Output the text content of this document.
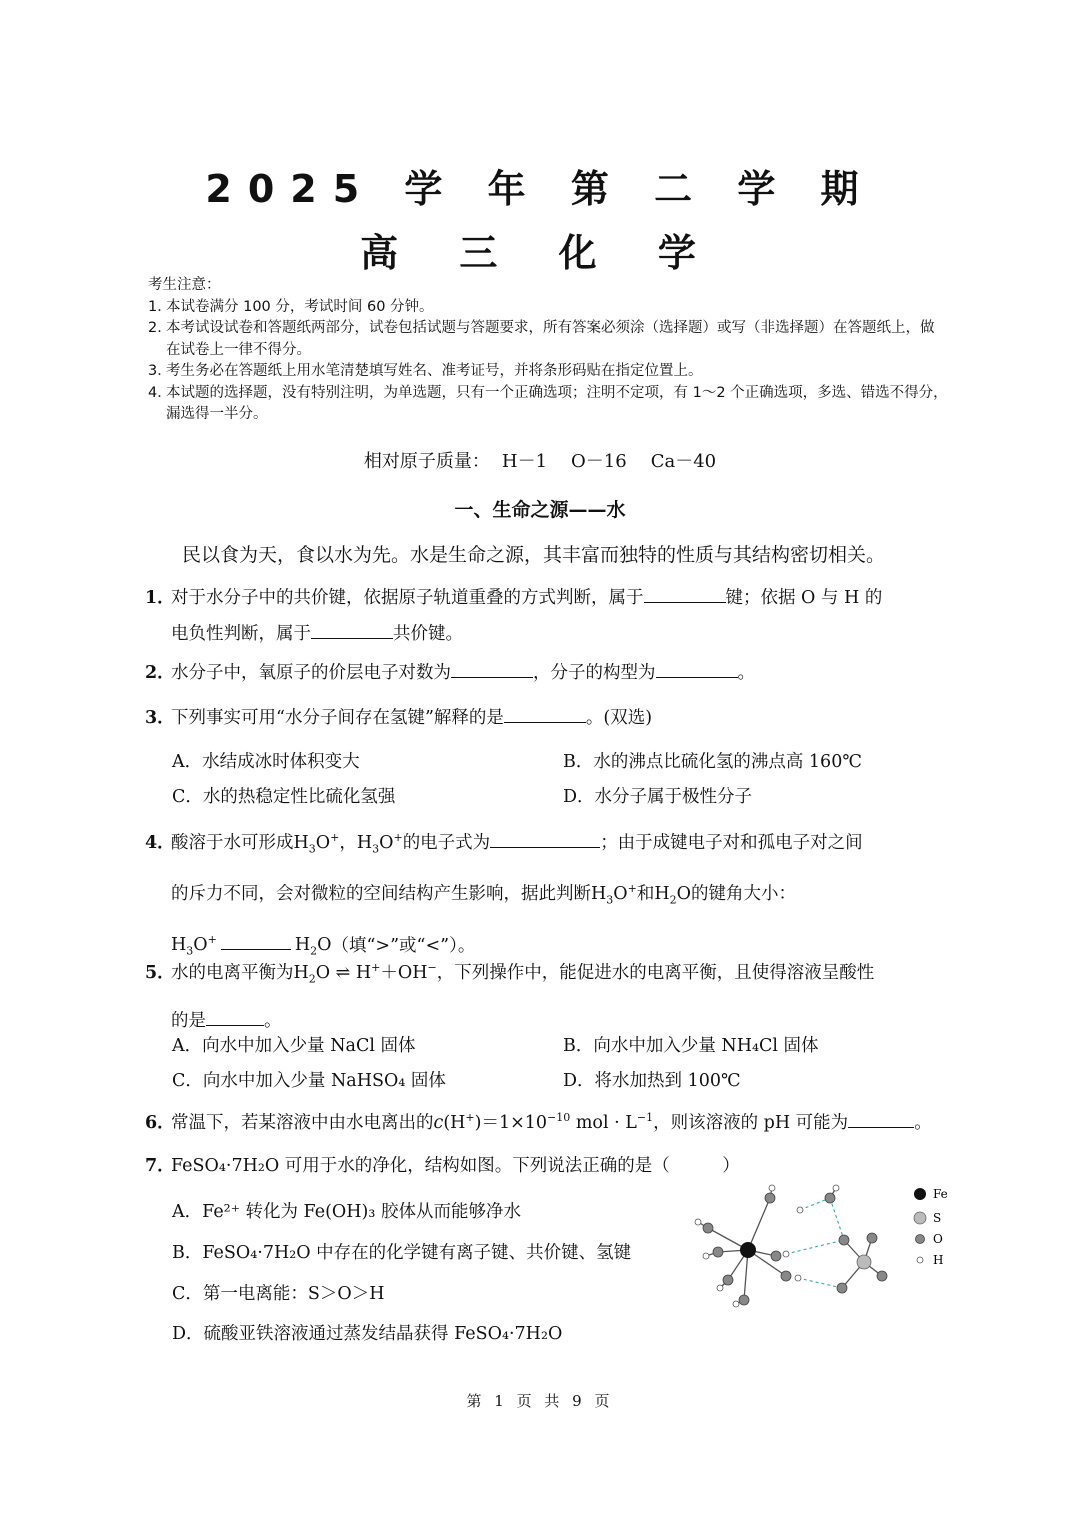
2025 学 年 第 二 学 期
高 三 化 学
考生注意：
1．
本试卷满分 100 分，考试时间 60 分钟。
2．
本考试设试卷和答题纸两部分，试卷包括试题与答题要求，所有答案必须涂（选择题）或写（非选择题）在答题纸上，做在试卷上一律不得分。
3．
考生务必在答题纸上用水笔清楚填写姓名、准考证号，并将条形码贴在指定位置上。
4．
本试题的选择题，没有特别注明，为单选题，只有一个正确选项；注明不定项，有 1～2 个正确选项，多选、错选不得分，漏选得一半分。
相对原子质量： H－1 O－16 Ca－40
一、生命之源——水
民以食为天，食以水为先。水是生命之源，其丰富而独特的性质与其结构密切相关。
1．对于水分子中的共价键，依据原子轨道重叠的方式判断，属于	键；依据 O 与 H 的
电负性判断，属于	共价键。
2．水分子中，氧原子的价层电子对数为	，分子的构型为	。
3．下列事实可用“水分子间存在氢键”解释的是	。(双选)
A．水结成冰时体积变大	B．水的沸点比硫化氢的沸点高 160℃
C．水的热稳定性比硫化氢强	D．水分子属于极性分子
4．酸溶于水可形成$H_3O^+$，$H_3O^+$的电子式为	；由于成键电子对和孤电子对之间
的斥力不同，会对微粒的空间结构产生影响，据此判断$H_3O^+$和$H_2O$的键角大小：
$H_3O^+$	$H_2O$（填“>”或“<”）。
5．水的电离平衡为$H_2O$ ⇌ H+＋OH−，下列操作中，能促进水的电离平衡，且使得溶液呈酸性
的是	。
A．向水中加入少量 NaCl 固体	B．向水中加入少量 NH₄Cl 固体
C．向水中加入少量 NaHSO₄ 固体	D．将水加热到 100℃
6．常温下，若某溶液中由水电离出的$c(H^+)=1\times 10^{-10}$ mol · $L^{-1}$，则该溶液的 pH 可能为	。
7．FeSO₄·7H₂O 可用于水的净化，结构如图。下列说法正确的是（　　　）
A．Fe²⁺ 转化为 Fe(OH)₃ 胶体从而能够净水
B．FeSO₄·7H₂O 中存在的化学键有离子键、共价键、氢键
C．第一电离能：S＞O＞H
D．硫酸亚铁溶液通过蒸发结晶获得 FeSO₄·7H₂O
Fe
S
O
H
第 1 页 共 9 页
